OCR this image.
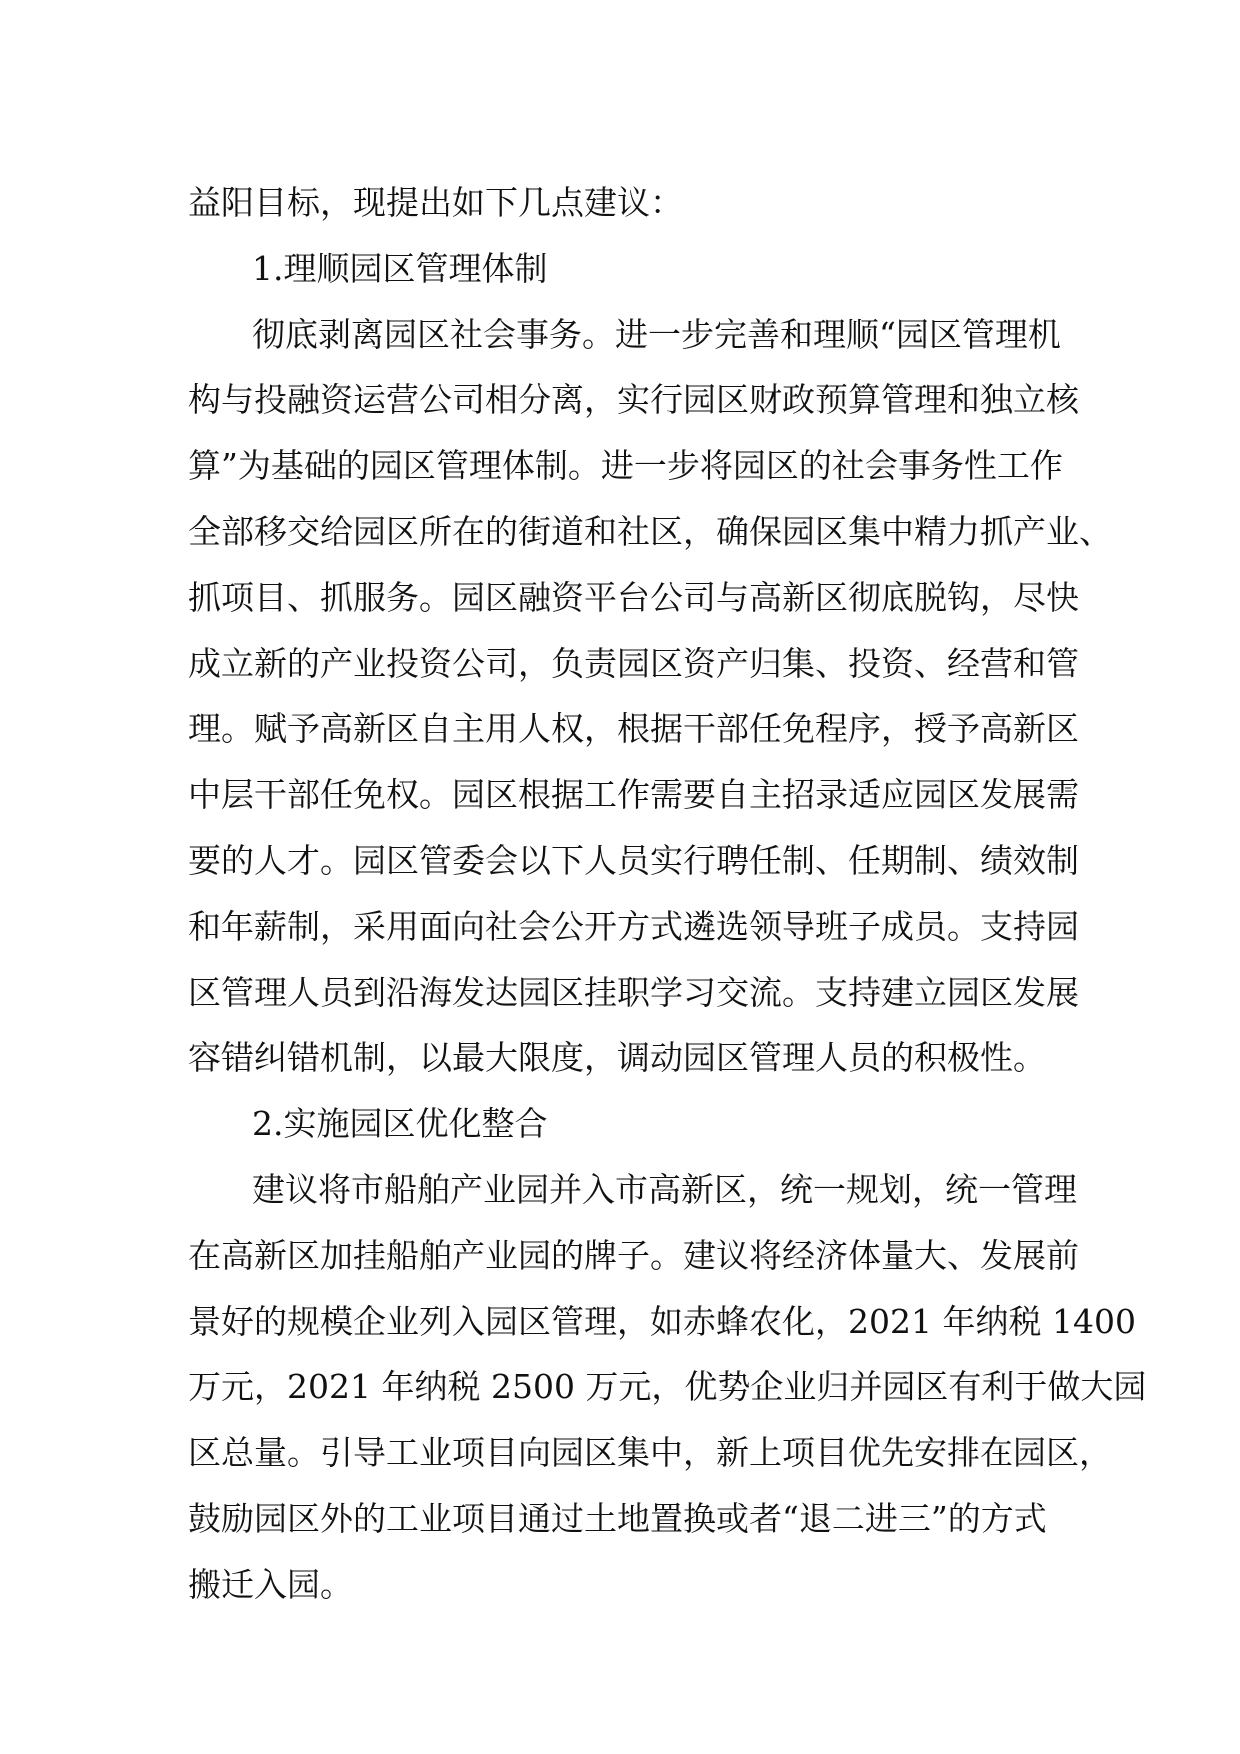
益阳目标，现提出如下几点建议：
1.理顺园区管理体制
彻底剥离园区社会事务。进一步完善和理顺“园区管理机
构与投融资运营公司相分离，实行园区财政预算管理和独立核
算”为基础的园区管理体制。进一步将园区的社会事务性工作
全部移交给园区所在的街道和社区，确保园区集中精力抓产业、
抓项目、抓服务。园区融资平台公司与高新区彻底脱钩，尽快
成立新的产业投资公司，负责园区资产归集、投资、经营和管
理。赋予高新区自主用人权，根据干部任免程序，授予高新区
中层干部任免权。园区根据工作需要自主招录适应园区发展需
要的人才。园区管委会以下人员实行聘任制、任期制、绩效制
和年薪制，采用面向社会公开方式遴选领导班子成员。支持园
区管理人员到沿海发达园区挂职学习交流。支持建立园区发展
容错纠错机制，以最大限度，调动园区管理人员的积极性。
2.实施园区优化整合
建议将市船舶产业园并入市高新区，统一规划，统一管理
在高新区加挂船舶产业园的牌子。建议将经济体量大、发展前
景好的规模企业列入园区管理，如赤蜂农化，2021 年纳税 1400
万元，2021 年纳税 2500 万元，优势企业归并园区有利于做大园
区总量。引导工业项目向园区集中，新上项目优先安排在园区，
鼓励园区外的工业项目通过土地置换或者“退二进三”的方式
搬迁入园。
